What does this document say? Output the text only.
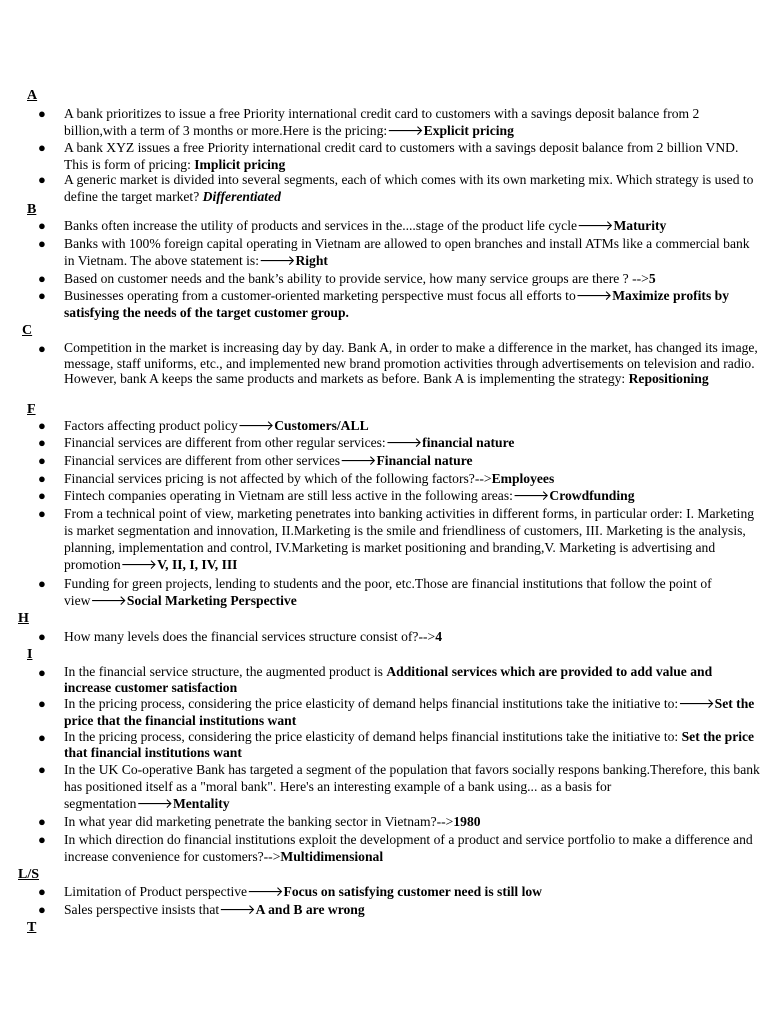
A
B
C
F
H
I
L/S
T
● A bank prioritizes to issue a free Priority international credit card to customers with a savings deposit balance from 2 billion,with a term of 3 months or more.Here is the pricing:🡒Explicit pricing
● A bank XYZ issues a free Priority international credit card to customers with a savings deposit balance from 2 billion VND. This is form of pricing: Implicit pricing
● A generic market is divided into several segments, each of which comes with its own marketing mix. Which strategy is used to define the target market? Differentiated
● Banks often increase the utility of products and services in the....stage of the product life cycle🡒Maturity
● Banks with 100% foreign capital operating in Vietnam are allowed to open branches and install ATMs like a commercial bank in Vietnam. The above statement is:🡒Right
● Based on customer needs and the bank’s ability to provide service, how many service groups are there ? -->5
● Businesses operating from a customer-oriented marketing perspective must focus all efforts to🡒Maximize profits by satisfying the needs of the target customer group.
● Competition in the market is increasing day by day. Bank A, in order to make a difference in the market, has changed its image, message, staff uniforms, etc., and implemented new brand promotion activities through advertisements on television and radio. However, bank A keeps the same products and markets as before. Bank A is implementing the strategy: Repositioning
● Factors affecting product policy🡒Customers/ALL
● Financial services are different from other regular services:🡒financial nature
● Financial services are different from other services🡒Financial nature
● Financial services pricing is not affected by which of the following factors?-->Employees
● Fintech companies operating in Vietnam are still less active in the following areas:🡒Crowdfunding
● From a technical point of view, marketing penetrates into banking activities in different forms, in particular order: I. Marketing is market segmentation and innovation, II.Marketing is the smile and friendliness of customers, III. Marketing is the analysis, planning, implementation and control, IV.Marketing is market positioning and branding,V. Marketing is advertising and promotion🡒V, II, I, IV, III
● Funding for green projects, lending to students and the poor, etc.Those are financial institutions that follow the point of view🡒Social Marketing Perspective
● How many levels does the financial services structure consist of?-->4
● In the financial service structure, the augmented product is Additional services which are provided to add value and increase customer satisfaction
● In the pricing process, considering the price elasticity of demand helps financial institutions take the initiative to:🡒Set the price that the financial institutions want
● In the pricing process, considering the price elasticity of demand helps financial institutions take the initiative to: Set the price that financial institutions want
● In the UK Co-operative Bank has targeted a segment of the population that favors socially respons banking.Therefore, this bank has positioned itself as a "moral bank". Here's an interesting example of a bank using... as a basis for segmentation🡒Mentality
● In what year did marketing penetrate the banking sector in Vietnam?-->1980
● In which direction do financial institutions exploit the development of a product and service portfolio to make a difference and increase convenience for customers?-->Multidimensional
● Limitation of Product perspective🡒Focus on satisfying customer need is still low
● Sales perspective insists that🡒A and B are wrong
